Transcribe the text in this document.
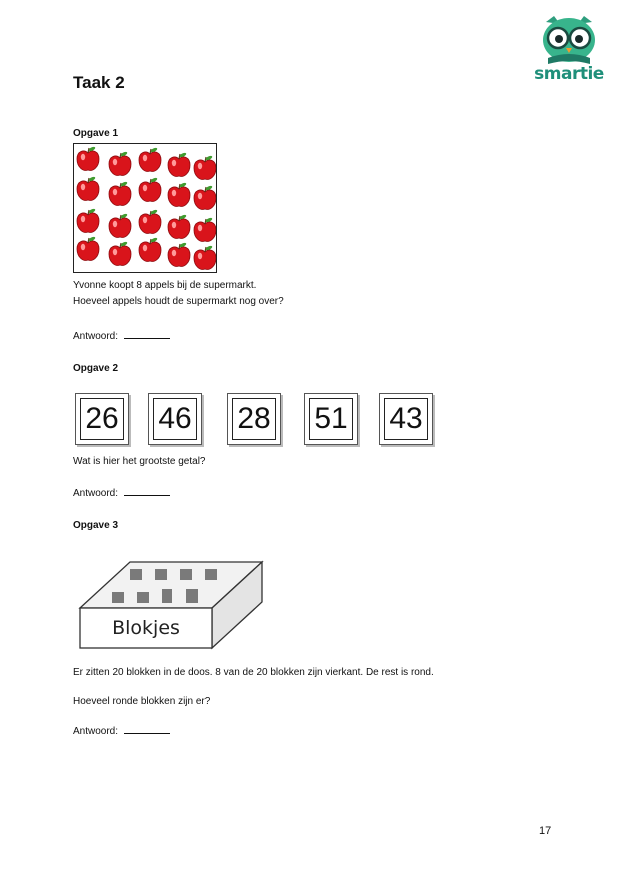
smartie
Taak 2
Opgave 1
Yvonne koopt 8 appels bij de supermarkt.
Hoeveel appels houdt de supermarkt nog over?
Antwoord:
Opgave 2
26 46 28 51 43
Wat is hier het grootste getal?
Antwoord:
Opgave 3
Blokjes
Er zitten 20 blokken in de doos. 8 van de 20 blokken zijn vierkant. De rest is rond.
Hoeveel ronde blokken zijn er?
Antwoord:
17
